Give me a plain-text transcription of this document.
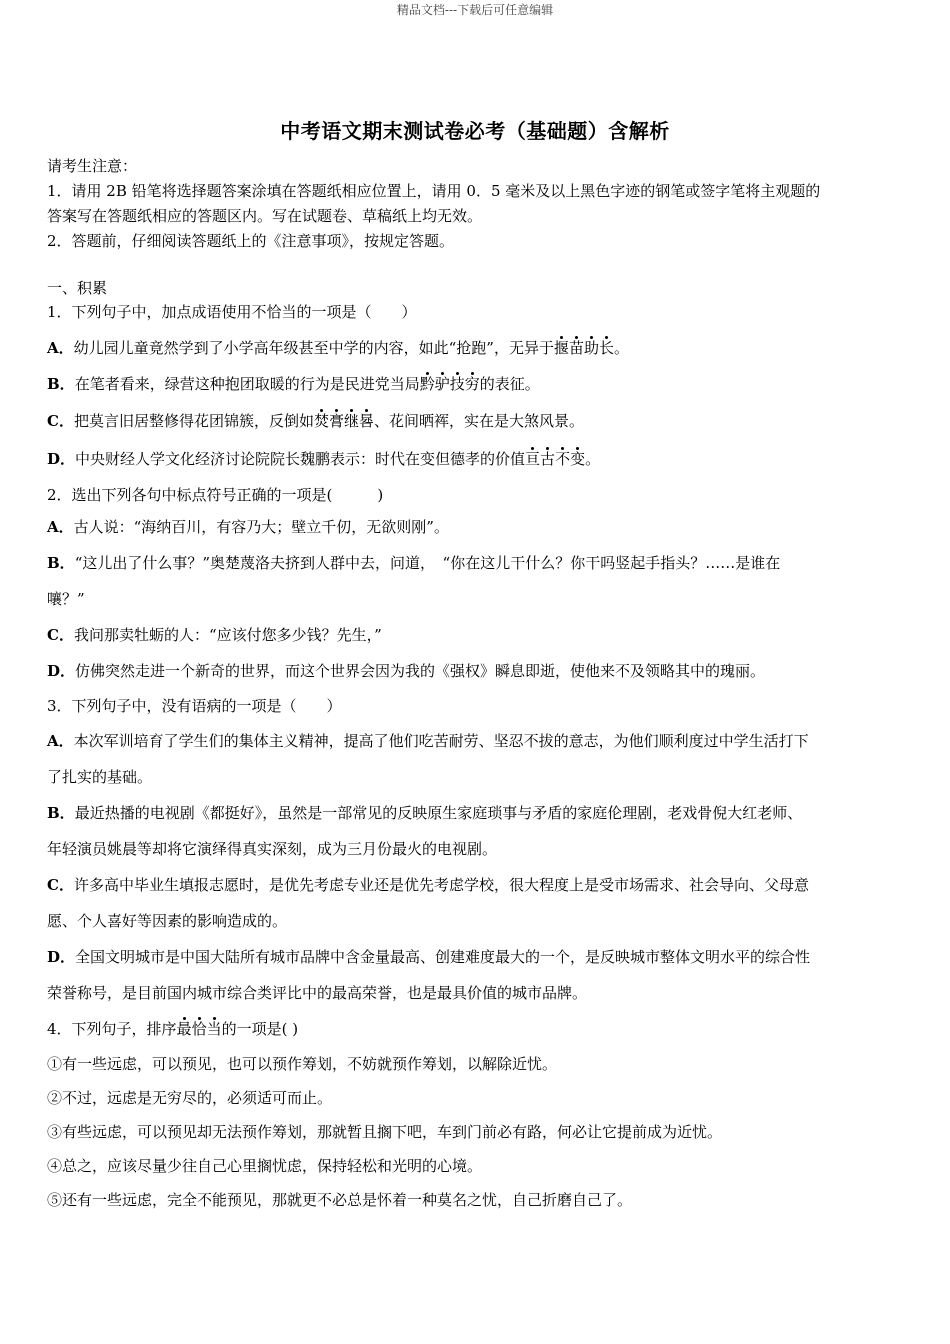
精品文档---下载后可任意编辑
中考语文期末测试卷必考（基础题）含解析
请考生注意：
1．请用 2B 铅笔将选择题答案涂填在答题纸相应位置上，请用 0．5 毫米及以上黑色字迹的钢笔或签字笔将主观题的
答案写在答题纸相应的答题区内。写在试题卷、草稿纸上均无效。
2．答题前，仔细阅读答题纸上的《注意事项》，按规定答题。
一、积累
1．下列句子中，加点成语使用不恰当的一项是（　　）
A．幼儿园儿童竟然学到了小学高年级甚至中学的内容，如此“抢跑”，无异于揠苗助长。
B．在笔者看来，绿营这种抱团取暖的行为是民进党当局黔驴技穷的表征。
C．把莫言旧居整修得花团锦簇，反倒如焚膏继晷、花间晒裈，实在是大煞风景。
D．中央财经人学文化经济讨论院院长魏鹏表示：时代在变但德孝的价值亘古不变。
2．选出下列各句中标点符号正确的一项是(　　　)
A．古人说：“海纳百川，有容乃大；壁立千仞，无欲则刚”。
B．“这儿出了什么事？”奥楚蔑洛夫挤到人群中去，问道，　“你在这儿干什么？你干吗竖起手指头？……是谁在
嚷？”
C．我问那卖牡蛎的人：“应该付您多少钱？先生，”
D．仿佛突然走进一个新奇的世界，而这个世界会因为我的《强权》瞬息即逝，使他来不及领略其中的瑰丽。
3．下列句子中，没有语病的一项是（　　）
A．本次军训培育了学生们的集体主义精神，提高了他们吃苦耐劳、坚忍不拔的意志，为他们顺利度过中学生活打下
了扎实的基础。
B．最近热播的电视剧《都挺好》，虽然是一部常见的反映原生家庭琐事与矛盾的家庭伦理剧，老戏骨倪大红老师、
年轻演员姚晨等却将它演绎得真实深刻，成为三月份最火的电视剧。
C．许多高中毕业生填报志愿时，是优先考虑专业还是优先考虑学校，很大程度上是受市场需求、社会导向、父母意
愿、个人喜好等因素的影响造成的。
D．全国文明城市是中国大陆所有城市品牌中含金量最高、创建难度最大的一个，是反映城市整体文明水平的综合性
荣誉称号，是目前国内城市综合类评比中的最高荣誉，也是最具价值的城市品牌。
4．下列句子，排序最恰当的一项是( )
①有一些远虑，可以预见，也可以预作筹划，不妨就预作筹划，以解除近忧。
②不过，远虑是无穷尽的，必须适可而止。
③有些远虑，可以预见却无法预作筹划，那就暂且搁下吧，车到门前必有路，何必让它提前成为近忧。
④总之，应该尽量少往自己心里搁忧虑，保持轻松和光明的心境。
⑤还有一些远虑，完全不能预见，那就更不必总是怀着一种莫名之忧，自己折磨自己了。
